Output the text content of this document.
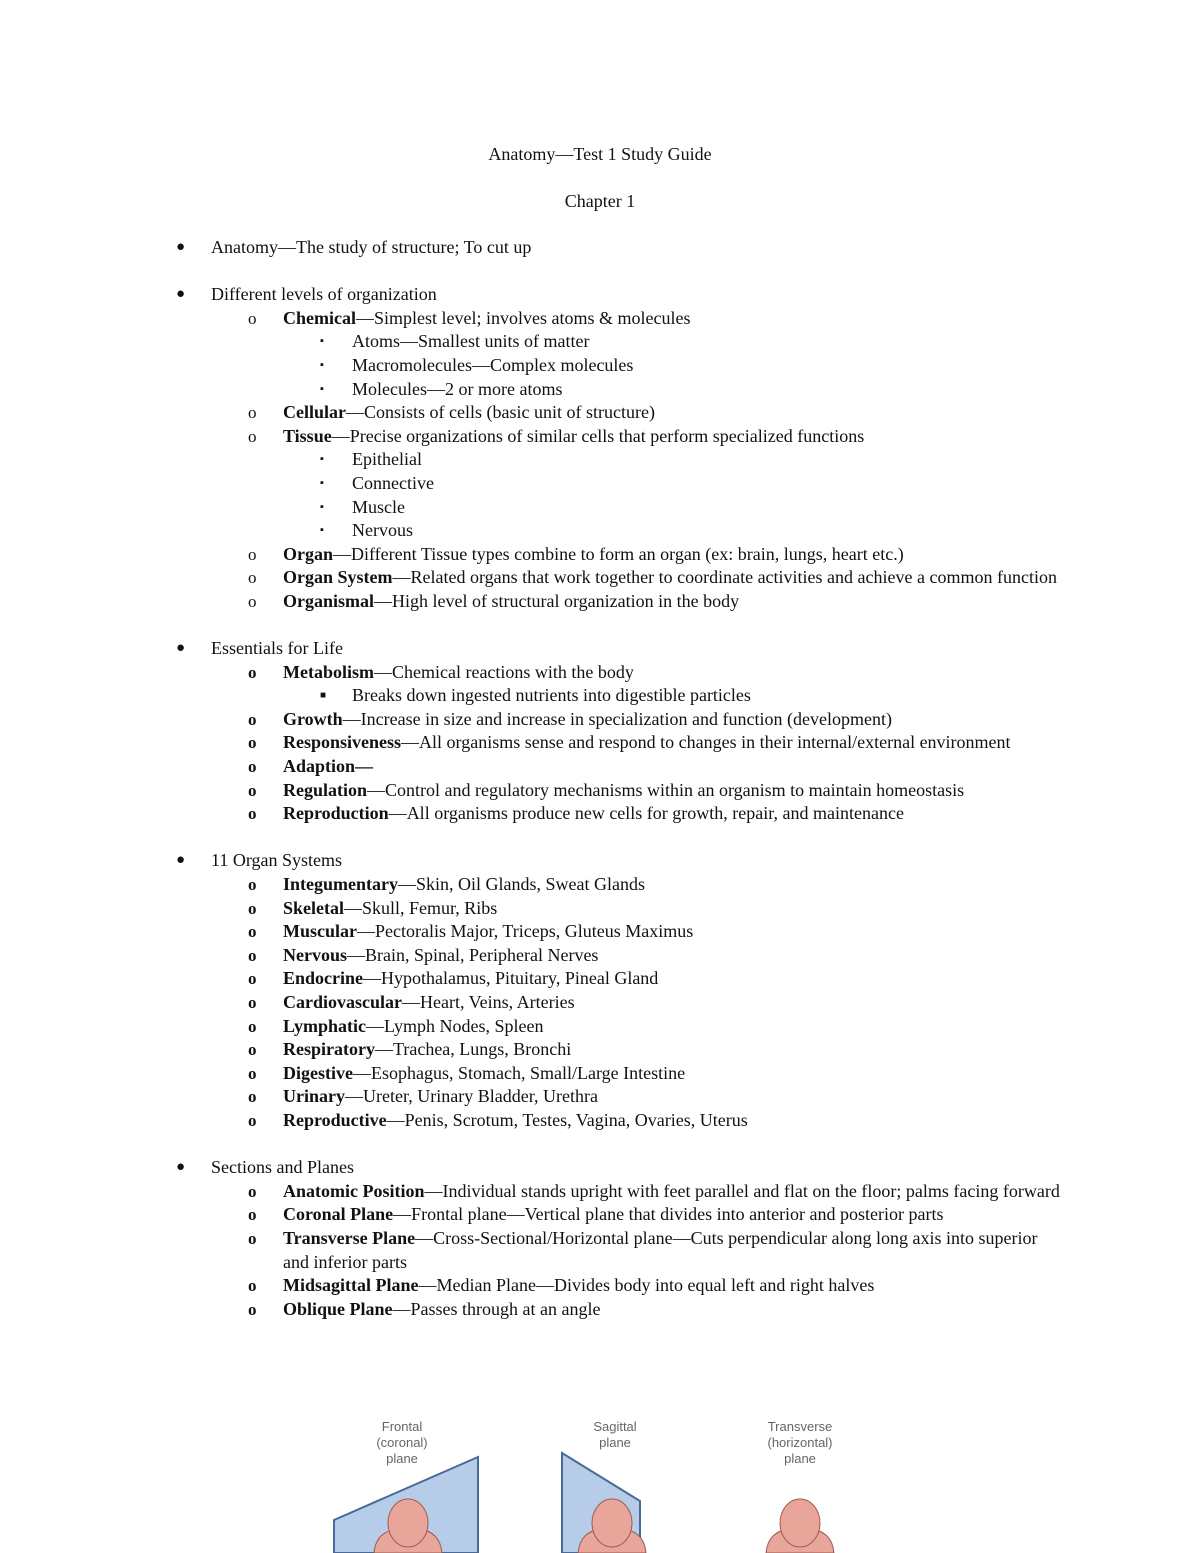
Anatomy—Test 1 Study Guide
Chapter 1
● Anatomy—The study of structure; To cut up
● Different levels of organization
o Chemical—Simplest level; involves atoms & molecules
▪ Atoms—Smallest units of matter
▪ Macromolecules—Complex molecules
▪ Molecules—2 or more atoms
o Cellular—Consists of cells (basic unit of structure)
o Tissue—Precise organizations of similar cells that perform specialized functions
▪ Epithelial
▪ Connective
▪ Muscle
▪ Nervous
o Organ—Different Tissue types combine to form an organ (ex: brain, lungs, heart etc.)
o Organ System—Related organs that work together to coordinate activities and achieve a common function
o Organismal—High level of structural organization in the body
● Essentials for Life
o Metabolism—Chemical reactions with the body
■ Breaks down ingested nutrients into digestible particles
o Growth—Increase in size and increase in specialization and function (development)
o Responsiveness—All organisms sense and respond to changes in their internal/external environment
o Adaption—
o Regulation—Control and regulatory mechanisms within an organism to maintain homeostasis
o Reproduction—All organisms produce new cells for growth, repair, and maintenance
● 11 Organ Systems
o Integumentary—Skin, Oil Glands, Sweat Glands
o Skeletal—Skull, Femur, Ribs
o Muscular—Pectoralis Major, Triceps, Gluteus Maximus
o Nervous—Brain, Spinal, Peripheral Nerves
o Endocrine—Hypothalamus, Pituitary, Pineal Gland
o Cardiovascular—Heart, Veins, Arteries
o Lymphatic—Lymph Nodes, Spleen
o Respiratory—Trachea, Lungs, Bronchi
o Digestive—Esophagus, Stomach, Small/Large Intestine
o Urinary—Ureter, Urinary Bladder, Urethra
o Reproductive—Penis, Scrotum, Testes, Vagina, Ovaries, Uterus
● Sections and Planes
o Anatomic Position—Individual stands upright with feet parallel and flat on the floor; palms facing forward
o Coronal Plane—Frontal plane—Vertical plane that divides into anterior and posterior parts
o Transverse Plane—Cross-Sectional/Horizontal plane—Cuts perpendicular along long axis into superior and inferior parts
o Midsagittal Plane—Median Plane—Divides body into equal left and right halves
o Oblique Plane—Passes through at an angle
Frontal
(coronal)
plane
Sagittal
plane
Transverse
(horizontal)
plane
